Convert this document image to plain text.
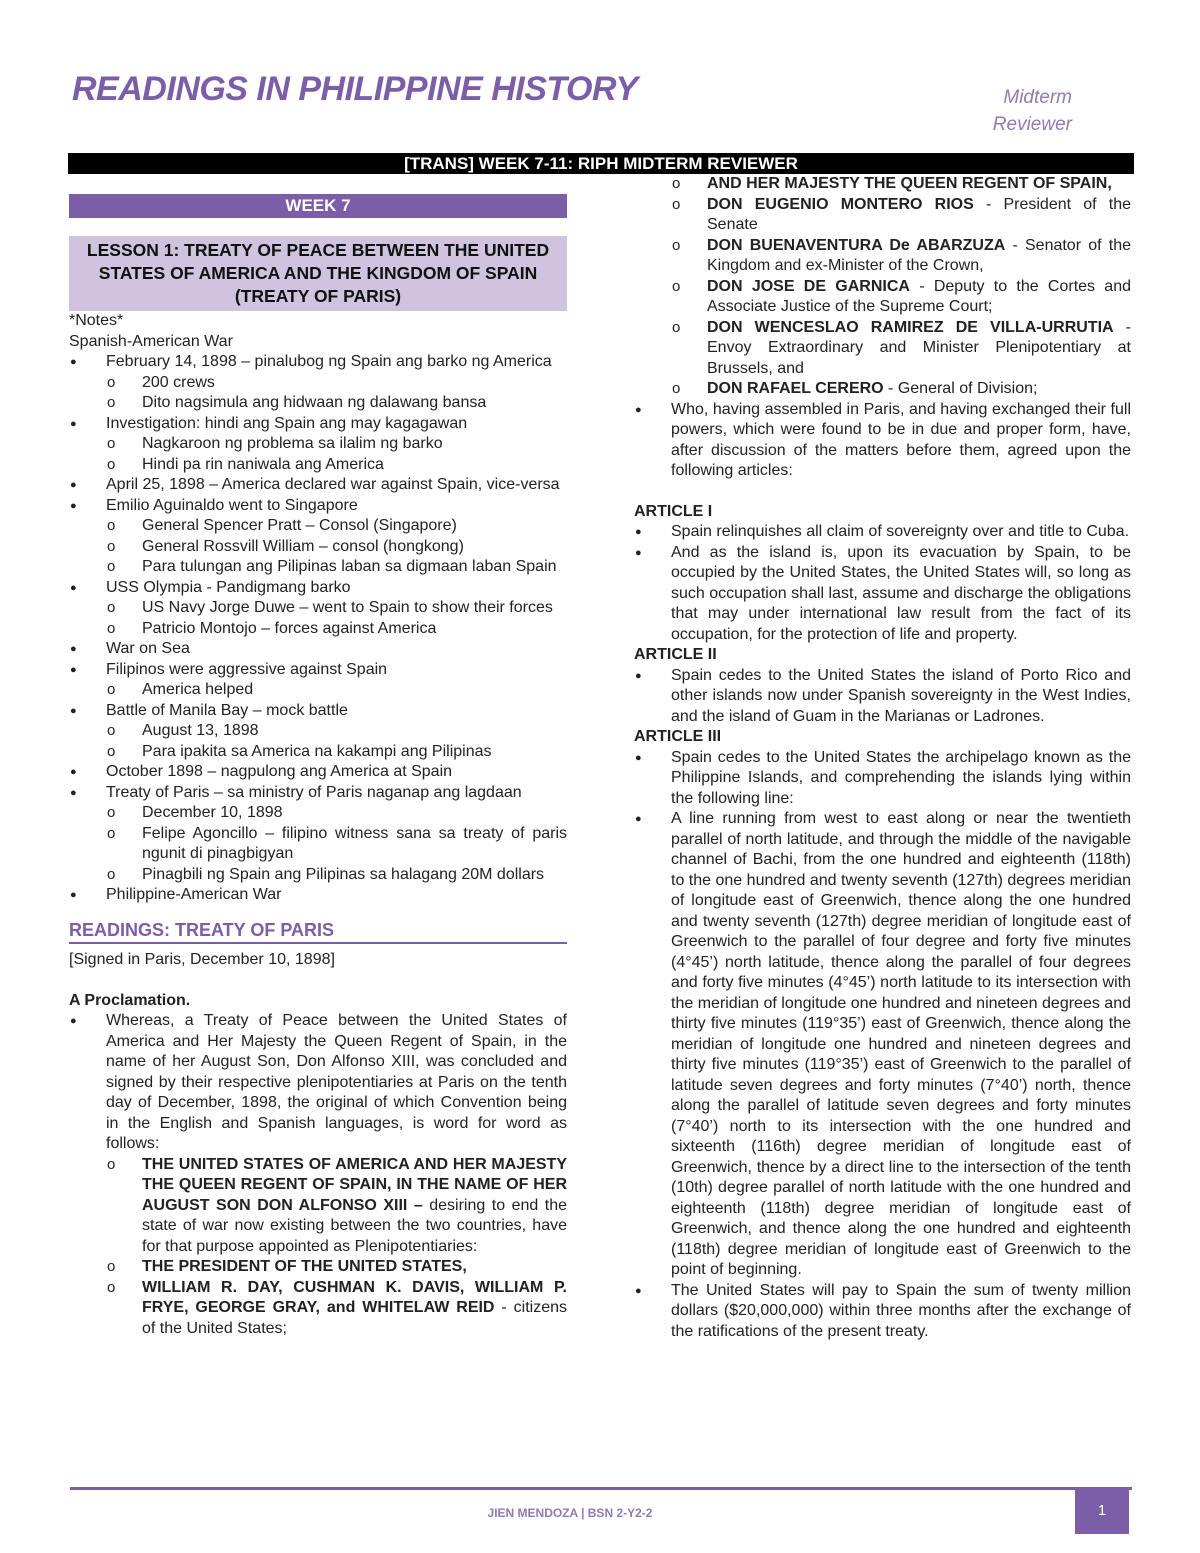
READINGS IN PHILIPPINE HISTORY	Midterm
Reviewer
[TRANS] WEEK 7-11: RIPH MIDTERM REVIEWER
WEEK 7
LESSON 1: TREATY OF PEACE BETWEEN THE UNITED STATES OF AMERICA AND THE KINGDOM OF SPAIN (TREATY OF PARIS)

*Notes*

Spanish-American War

● February 14, 1898 – pinalubog ng Spain ang barko ng America
o 200 crews
o Dito nagsimula ang hidwaan ng dalawang bansa
● Investigation: hindi ang Spain ang may kagagawan
o Nagkaroon ng problema sa ilalim ng barko
o Hindi pa rin naniwala ang America
● April 25, 1898 – America declared war against Spain, vice-versa
● Emilio Aguinaldo went to Singapore
o General Spencer Pratt – Consol (Singapore)
o General Rossvill William – consol (hongkong)
o Para tulungan ang Pilipinas laban sa digmaan laban Spain
● USS Olympia - Pandigmang barko
o US Navy Jorge Duwe – went to Spain to show their forces
o Patricio Montojo – forces against America
● War on Sea
● Filipinos were aggressive against Spain
o America helped
● Battle of Manila Bay – mock battle
o August 13, 1898
o Para ipakita sa America na kakampi ang Pilipinas
● October 1898 – nagpulong ang America at Spain
● Treaty of Paris – sa ministry of Paris naganap ang lagdaan
o December 10, 1898
o Felipe Agoncillo – filipino witness sana sa treaty of paris ngunit di pinagbigyan
o Pinagbili ng Spain ang Pilipinas sa halagang 20M dollars
● Philippine-American War
READINGS: TREATY OF PARIS

[Signed in Paris, December 10, 1898]

A Proclamation.

● Whereas, a Treaty of Peace between the United States of America and Her Majesty the Queen Regent of Spain, in the name of her August Son, Don Alfonso XIII, was concluded and signed by their respective plenipotentiaries at Paris on the tenth day of December, 1898, the original of which Convention being in the English and Spanish languages, is word for word as follows:
o THE UNITED STATES OF AMERICA AND HER MAJESTY THE QUEEN REGENT OF SPAIN, IN THE NAME OF HER AUGUST SON DON ALFONSO XIII – desiring to end the state of war now existing between the two countries, have for that purpose appointed as Plenipotentiaries:
o THE PRESIDENT OF THE UNITED STATES,
o WILLIAM R. DAY, CUSHMAN K. DAVIS, WILLIAM P. FRYE, GEORGE GRAY, and WHITELAW REID - citizens of the United States;
o AND HER MAJESTY THE QUEEN REGENT OF SPAIN,
o DON EUGENIO MONTERO RIOS - President of the Senate
o DON BUENAVENTURA De ABARZUZA - Senator of the Kingdom and ex-Minister of the Crown,
o DON JOSE DE GARNICA - Deputy to the Cortes and Associate Justice of the Supreme Court;
o DON WENCESLAO RAMIREZ DE VILLA-URRUTIA - Envoy Extraordinary and Minister Plenipotentiary at Brussels, and
o DON RAFAEL CERERO - General of Division;
● Who, having assembled in Paris, and having exchanged their full powers, which were found to be in due and proper form, have, after discussion of the matters before them, agreed upon the following articles:

ARTICLE I

● Spain relinquishes all claim of sovereignty over and title to Cuba.
● And as the island is, upon its evacuation by Spain, to be occupied by the United States, the United States will, so long as such occupation shall last, assume and discharge the obligations that may under international law result from the fact of its occupation, for the protection of life and property.

ARTICLE II

● Spain cedes to the United States the island of Porto Rico and other islands now under Spanish sovereignty in the West Indies, and the island of Guam in the Marianas or Ladrones.

ARTICLE III

● Spain cedes to the United States the archipelago known as the Philippine Islands, and comprehending the islands lying within the following line:
● A line running from west to east along or near the twentieth parallel of north latitude, and through the middle of the navigable channel of Bachi, from the one hundred and eighteenth (118th) to the one hundred and twenty seventh (127th) degrees meridian of longitude east of Greenwich, thence along the one hundred and twenty seventh (127th) degree meridian of longitude east of Greenwich to the parallel of four degree and forty five minutes (4°45’) north latitude, thence along the parallel of four degrees and forty five minutes (4°45’) north latitude to its intersection with the meridian of longitude one hundred and nineteen degrees and thirty five minutes (119°35’) east of Greenwich, thence along the meridian of longitude one hundred and nineteen degrees and thirty five minutes (119°35’) east of Greenwich to the parallel of latitude seven degrees and forty minutes (7°40’) north, thence along the parallel of latitude seven degrees and forty minutes (7°40’) north to its intersection with the one hundred and sixteenth (116th) degree meridian of longitude east of Greenwich, thence by a direct line to the intersection of the tenth (10th) degree parallel of north latitude with the one hundred and eighteenth (118th) degree meridian of longitude east of Greenwich, and thence along the one hundred and eighteenth (118th) degree meridian of longitude east of Greenwich to the point of beginning.
● The United States will pay to Spain the sum of twenty million dollars ($20,000,000) within three months after the exchange of the ratifications of the present treaty.
JIEN MENDOZA | BSN 2-Y2-2	1
